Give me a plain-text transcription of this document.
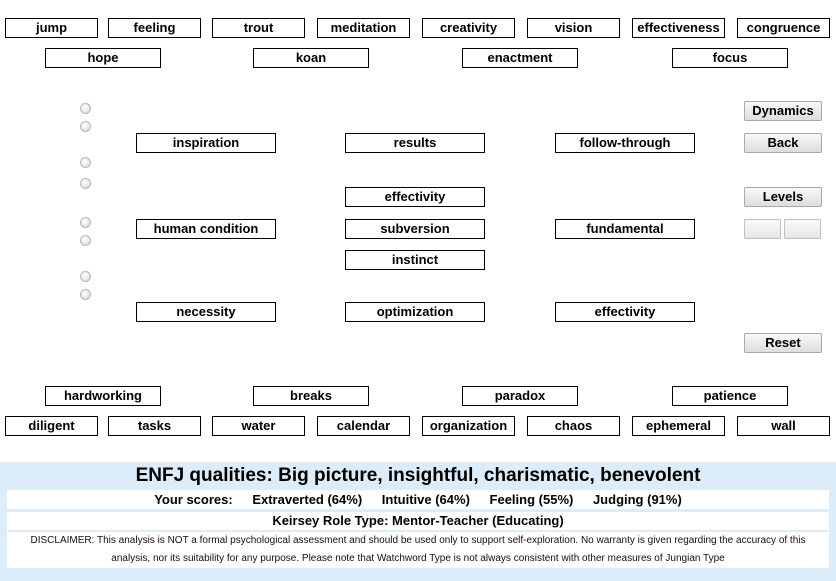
jump	feeling	trout	meditation	creativity	vision	effectiveness	congruence
hope	koan	enactment	focus
inspiration	results	follow-through
effectivity
human condition	subversion	fundamental
instinct
necessity	optimization	effectivity
Dynamics
Back
Levels
Reset
hardworking	breaks	paradox	patience
diligent	tasks	water	calendar	organization	chaos	ephemeral	wall
ENFJ qualities: Big picture, insightful, charismatic, benevolent
Your scores: Extraverted (64%) Intuitive (64%) Feeling (55%) Judging (91%)
Keirsey Role Type: Mentor-Teacher (Educating)
DISCLAIMER: This analysis is NOT a formal psychological assessment and should be used only to support self-exploration. No warranty is given regarding the accuracy of this analysis, nor its suitability for any purpose. Please note that Watchword Type is not always consistent with other measures of Jungian Type
